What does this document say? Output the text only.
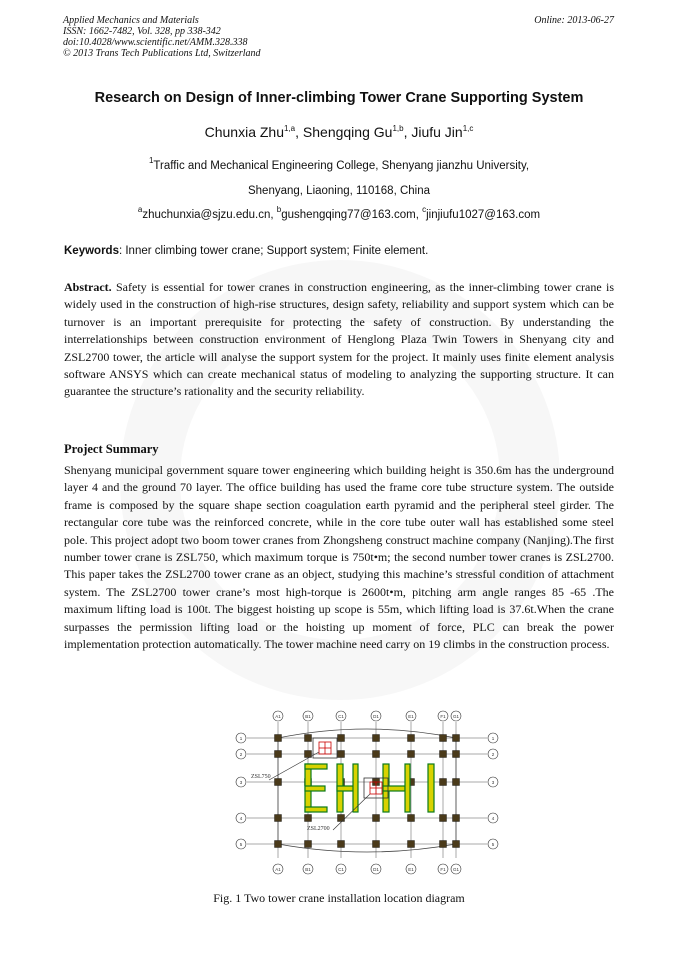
Applied Mechanics and Materials
ISSN: 1662-7482, Vol. 328, pp 338-342
doi:10.4028/www.scientific.net/AMM.328.338
© 2013 Trans Tech Publications Ltd, Switzerland
Online: 2013-06-27
Research on Design of Inner-climbing Tower Crane Supporting System
Chunxia Zhu$^{1,a}$, Shengqing Gu$^{1,b}$, Jiufu Jin$^{1,c}$
$^1$Traffic and Mechanical Engineering College, Shenyang jianzhu University,
Shenyang, Liaoning, 110168, China
$^a$zhuchunxia@sjzu.edu.cn, $^b$gushengqing77@163.com, $^c$jinjiufu1027@163.com
Keywords: Inner climbing tower crane; Support system; Finite element.
Abstract. Safety is essential for tower cranes in construction engineering, as the inner-climbing tower crane is widely used in the construction of high-rise structures, design safety, reliability and support system which can be turnover is an important prerequisite for protecting the safety of construction. By understanding the interrelationships between construction environment of Henglong Plaza Twin Towers in Shenyang city and ZSL2700 tower, the article will analyse the support system for the project. It mainly uses finite element analysis software ANSYS which can create mechanical status of modeling to analyzing the supporting structure. It can guarantee the structure’s rationality and the security reliability.
Project Summary
Shenyang municipal government square tower engineering which building height is 350.6m has the underground layer 4 and the ground 70 layer. The office building has used the frame core tube structure system. The outside frame is composed by the square shape section coagulation earth pyramid and the peripheral steel girder. The rectangular core tube was the reinforced concrete, while in the core tube outer wall has established some steel pole. This project adopt two boom tower cranes from Zhongsheng construct machine company (Nanjing).The first number tower crane is ZSL750, which maximum torque is 750t•m; the second number tower cranes is ZSL2700. This paper takes the ZSL2700 tower crane as an object, studying this machine’s stressful condition of attachment system. The ZSL2700 tower crane’s most high-torque is 2600t•m, pitching arm angle ranges 85 -65 .The maximum lifting load is 100t. The biggest hoisting up scope is 55m, which lifting load is 37.6t.When the crane surpasses the permission lifting load or the hoisting up moment of force, PLC can break the power implementation protection automatically. The tower machine need carry on 19 climbs in the construction process.
ZSL750
ZSL2700
A1
A1
B1
B1
C1
C1
D1
D1
E1
E1
F1
F1
G1
G1
1	1
2	2
3	3
4	4
5	5
Fig. 1 Two tower crane installation location diagram
